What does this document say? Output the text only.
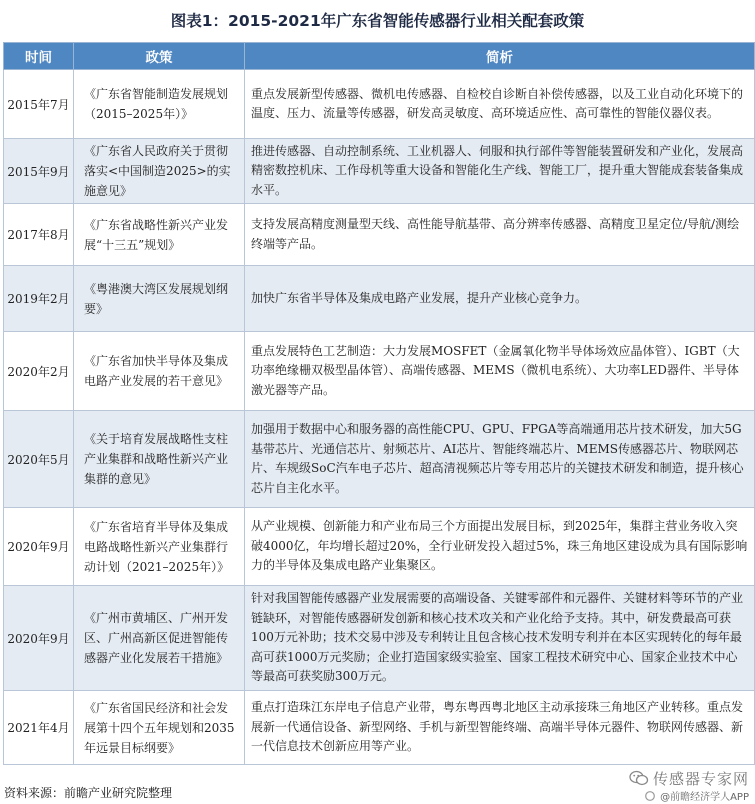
图表1：2015-2021年广东省智能传感器行业相关配套政策
时间	政策	简析
2015年7月	《广东省智能制造发展规划（2015–2025年）》	重点发展新型传感器、微机电传感器、自检校自诊断自补偿传感器，以及工业自动化环境下的温度、压力、流量等传感器，研发高灵敏度、高环境适应性、高可靠性的智能仪器仪表。
2015年9月	《广东省人民政府关于贯彻落实<中国制造2025>的实施意见》	推进传感器、自动控制系统、工业机器人、伺服和执行部件等智能装置研发和产业化，发展高精密数控机床、工作母机等重大设备和智能化生产线、智能工厂，提升重大智能成套装备集成水平。
2017年8月	《广东省战略性新兴产业发展“十三五”规划》	支持发展高精度测量型天线、高性能导航基带、高分辨率传感器、高精度卫星定位/导航/测绘终端等产品。
2019年2月	《粤港澳大湾区发展规划纲要》	加快广东省半导体及集成电路产业发展，提升产业核心竞争力。
2020年2月	《广东省加快半导体及集成电路产业发展的若干意见》	重点发展特色工艺制造：大力发展MOSFET（金属氧化物半导体场效应晶体管）、IGBT（大功率绝缘栅双极型晶体管）、高端传感器、MEMS（微机电系统）、大功率LED器件、半导体激光器等产品。
2020年5月	《关于培育发展战略性支柱产业集群和战略性新兴产业集群的意见》	加强用于数据中心和服务器的高性能CPU、GPU、FPGA等高端通用芯片技术研发，加大5G基带芯片、光通信芯片、射频芯片、AI芯片、智能终端芯片、MEMS传感器芯片、物联网芯片、车规级SoC汽车电子芯片、超高清视频芯片等专用芯片的关键技术研发和制造，提升核心芯片自主化水平。
2020年9月	《广东省培育半导体及集成电路战略性新兴产业集群行动计划（2021–2025年）》	从产业规模、创新能力和产业布局三个方面提出发展目标，到2025年，集群主营业务收入突破4000亿，年均增长超过20%，全行业研发投入超过5%，珠三角地区建设成为具有国际影响力的半导体及集成电路产业集聚区。
2020年9月	《广州市黄埔区、广州开发区、广州高新区促进智能传感器产业化发展若干措施》	针对我国智能传感器产业发展需要的高端设备、关键零部件和元器件、关键材料等环节的产业链缺环，对智能传感器研发创新和核心技术攻关和产业化给予支持。其中，研发费最高可获100万元补助；技术交易中涉及专利转让且包含核心技术发明专利并在本区实现转化的每年最高可获1000万元奖励；企业打造国家级实验室、国家工程技术研究中心、国家企业技术中心等最高可获奖励300万元。
2021年4月	《广东省国民经济和社会发展第十四个五年规划和2035年远景目标纲要》	重点打造珠江东岸电子信息产业带，粤东粤西粤北地区主动承接珠三角地区产业转移。重点发展新一代通信设备、新型网络、手机与新型智能终端、高端半导体元器件、物联网传感器、新一代信息技术创新应用等产业。
资料来源：前瞻产业研究院整理
传感器专家网
@前瞻经济学人APP
